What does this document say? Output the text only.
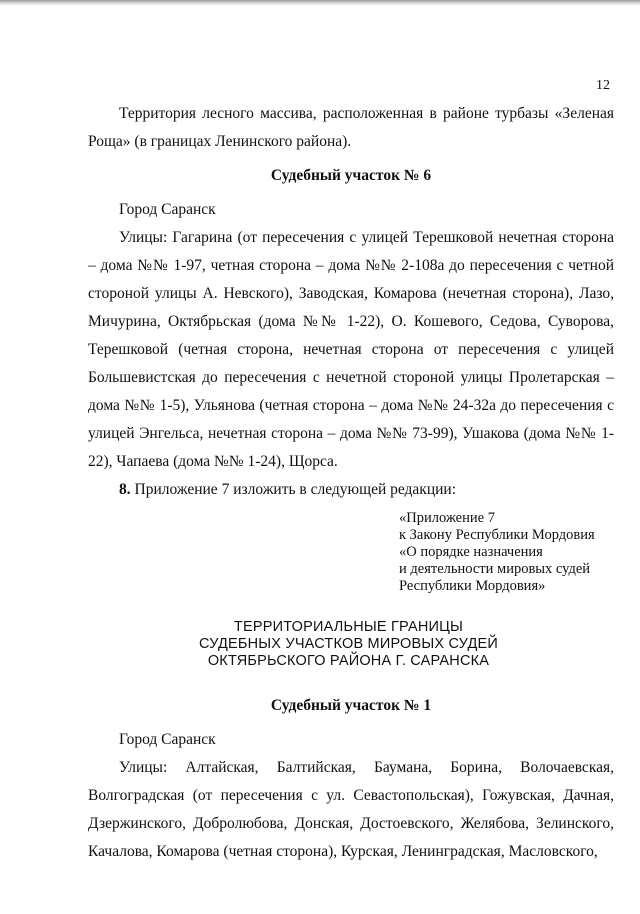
12

Территория лесного массива, расположенная в районе турбазы «Зеленая Роща» (в границах Ленинского района).

Судебный участок № 6

Город Саранск

Улицы: Гагарина (от пересечения с улицей Терешковой нечетная сторона – дома №№ 1-97, четная сторона – дома №№ 2-108а до пересечения с четной стороной улицы А. Невского), Заводская, Комарова (нечетная сторона), Лазо, Мичурина, Октябрьская (дома №№ 1-22), О. Кошевого, Седова, Суворова, Терешковой (четная сторона, нечетная сторона от пересечения с улицей Большевистская до пересечения с нечетной стороной улицы Пролетарская – дома №№ 1-5), Ульянова (четная сторона – дома №№ 24-32а до пересечения с улицей Энгельса, нечетная сторона – дома №№ 73-99), Ушакова (дома №№ 1-22), Чапаева (дома №№ 1-24), Щорса.

8. Приложение 7 изложить в следующей редакции:

«Приложение 7
к Закону Республики Мордовия
«О порядке назначения
и деятельности мировых судей
Республики Мордовия»
ТЕРРИТОРИАЛЬНЫЕ ГРАНИЦЫ
СУДЕБНЫХ УЧАСТКОВ МИРОВЫХ СУДЕЙ
ОКТЯБРЬСКОГО РАЙОНА Г. САРАНСКА
Судебный участок № 1

Город Саранск

Улицы: Алтайская, Балтийская, Баумана, Борина, Волочаевская, Волгоградская (от пересечения с ул. Севастопольская), Гожувская, Дачная, Дзержинского, Добролюбова, Донская, Достоевского, Желябова, Зелинского, Качалова, Комарова (четная сторона), Курская, Ленинградская, Масловского,
